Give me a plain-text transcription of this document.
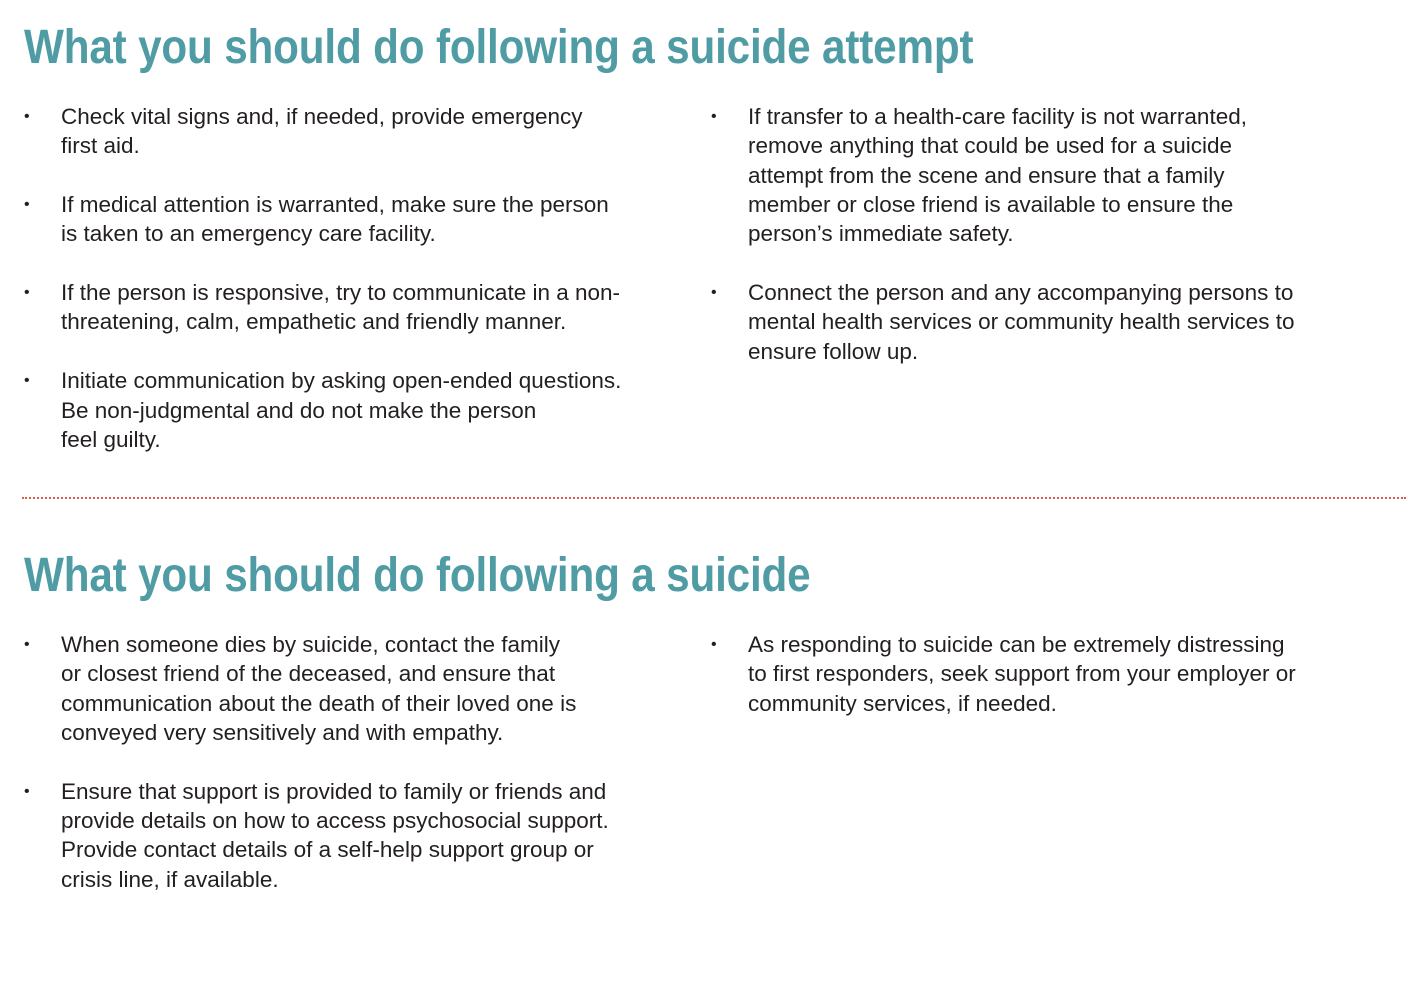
What you should do following a suicide attempt
• Check vital signs and, if needed, provide emergency
first aid.
• If medical attention is warranted, make sure the person
is taken to an emergency care facility.
• If the person is responsive, try to communicate in a non-
threatening, calm, empathetic and friendly manner.
• Initiate communication by asking open-ended questions.
Be non-judgmental and do not make the person
feel guilty.
• If transfer to a health-care facility is not warranted,
remove anything that could be used for a suicide
attempt from the scene and ensure that a family
member or close friend is available to ensure the
person’s immediate safety.
• Connect the person and any accompanying persons to
mental health services or community health services to
ensure follow up.
What you should do following a suicide
• When someone dies by suicide, contact the family
or closest friend of the deceased, and ensure that
communication about the death of their loved one is
conveyed very sensitively and with empathy.
• Ensure that support is provided to family or friends and
provide details on how to access psychosocial support.
Provide contact details of a self-help support group or
crisis line, if available.
• As responding to suicide can be extremely distressing
to first responders, seek support from your employer or
community services, if needed.
